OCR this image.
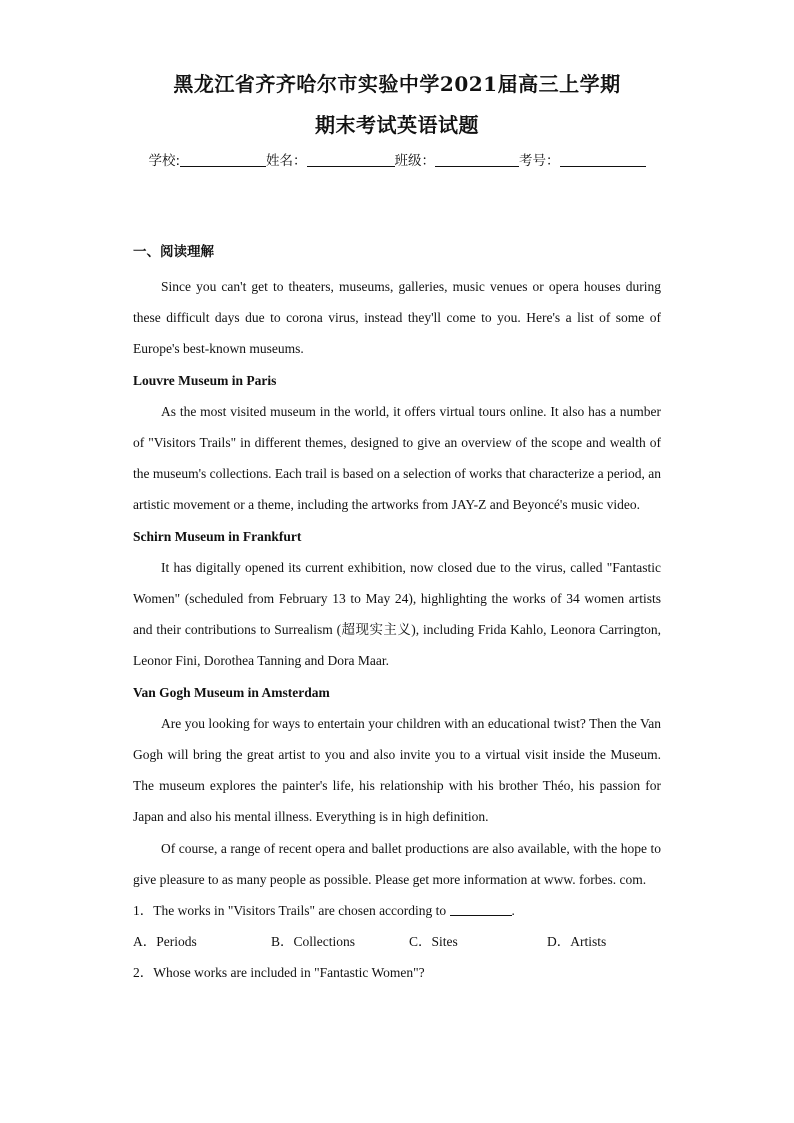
黑龙江省齐齐哈尔市实验中学2021届高三上学期
期末考试英语试题
学校:	姓名：	班级：	考号：
一、阅读理解

Since you can't get to theaters, museums, galleries, music venues or opera houses during these difficult days due to corona virus, instead they'll come to you. Here's a list of some of Europe's best-known museums.

Louvre Museum in Paris

As the most visited museum in the world, it offers virtual tours online. It also has a number of "Visitors Trails" in different themes, designed to give an overview of the scope and wealth of the museum's collections. Each trail is based on a selection of works that characterize a period, an artistic movement or a theme, including the artworks from JAY-Z and Beyoncé's music video.

Schirn Museum in Frankfurt

It has digitally opened its current exhibition, now closed due to the virus, called "Fantastic Women" (scheduled from February 13 to May 24), highlighting the works of 34 women artists and their contributions to Surrealism (超现实主义), including Frida Kahlo, Leonora Carrington, Leonor Fini, Dorothea Tanning and Dora Maar.

Van Gogh Museum in Amsterdam

Are you looking for ways to entertain your children with an educational twist? Then the Van Gogh will bring the great artist to you and also invite you to a virtual visit inside the Museum. The museum explores the painter's life, his relationship with his brother Théo, his passion for Japan and also his mental illness. Everything is in high definition.

Of course, a range of recent opera and ballet productions are also available, with the hope to give pleasure to as many people as possible. Please get more information at www. forbes. com.

1．The works in "Visitors Trails" are chosen according to	.

A．Periods	B．Collections	C．Sites	D．Artists

2．Whose works are included in "Fantastic Women"?
